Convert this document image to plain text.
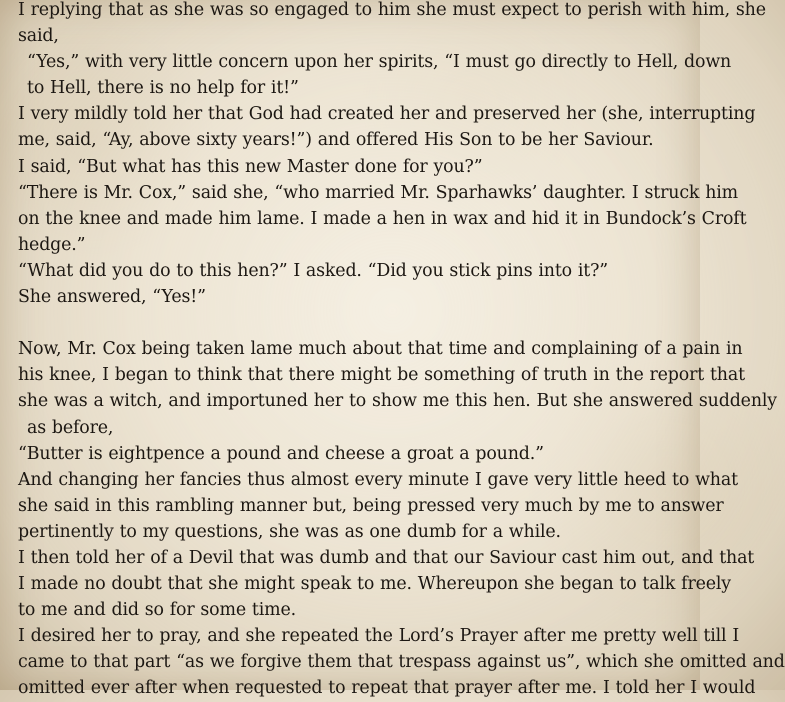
I replying that as she was so engaged to him she must expect to perish with him, she
said,
“Yes,” with very little concern upon her spirits, “I must go directly to Hell, down
to Hell, there is no help for it!”
I very mildly told her that God had created her and preserved her (she, interrupting
me, said, “Ay, above sixty years!”) and offered His Son to be her Saviour.
I said, “But what has this new Master done for you?”
“There is Mr. Cox,” said she, “who married Mr. Sparhawks’ daughter. I struck him
on the knee and made him lame. I made a hen in wax and hid it in Bundock’s Croft
hedge.”
“What did you do to this hen?” I asked. “Did you stick pins into it?”
She answered, “Yes!”
Now, Mr. Cox being taken lame much about that time and complaining of a pain in
his knee, I began to think that there might be something of truth in the report that
she was a witch, and importuned her to show me this hen. But she answered suddenly
as before,
“Butter is eightpence a pound and cheese a groat a pound.”
And changing her fancies thus almost every minute I gave very little heed to what
she said in this rambling manner but, being pressed very much by me to answer
pertinently to my questions, she was as one dumb for a while.
I then told her of a Devil that was dumb and that our Saviour cast him out, and that
I made no doubt that she might speak to me. Whereupon she began to talk freely
to me and did so for some time.
I desired her to pray, and she repeated the Lord’s Prayer after me pretty well till I
came to that part “as we forgive them that trespass against us”, which she omitted and
omitted ever after when requested to repeat that prayer after me. I told her I would
